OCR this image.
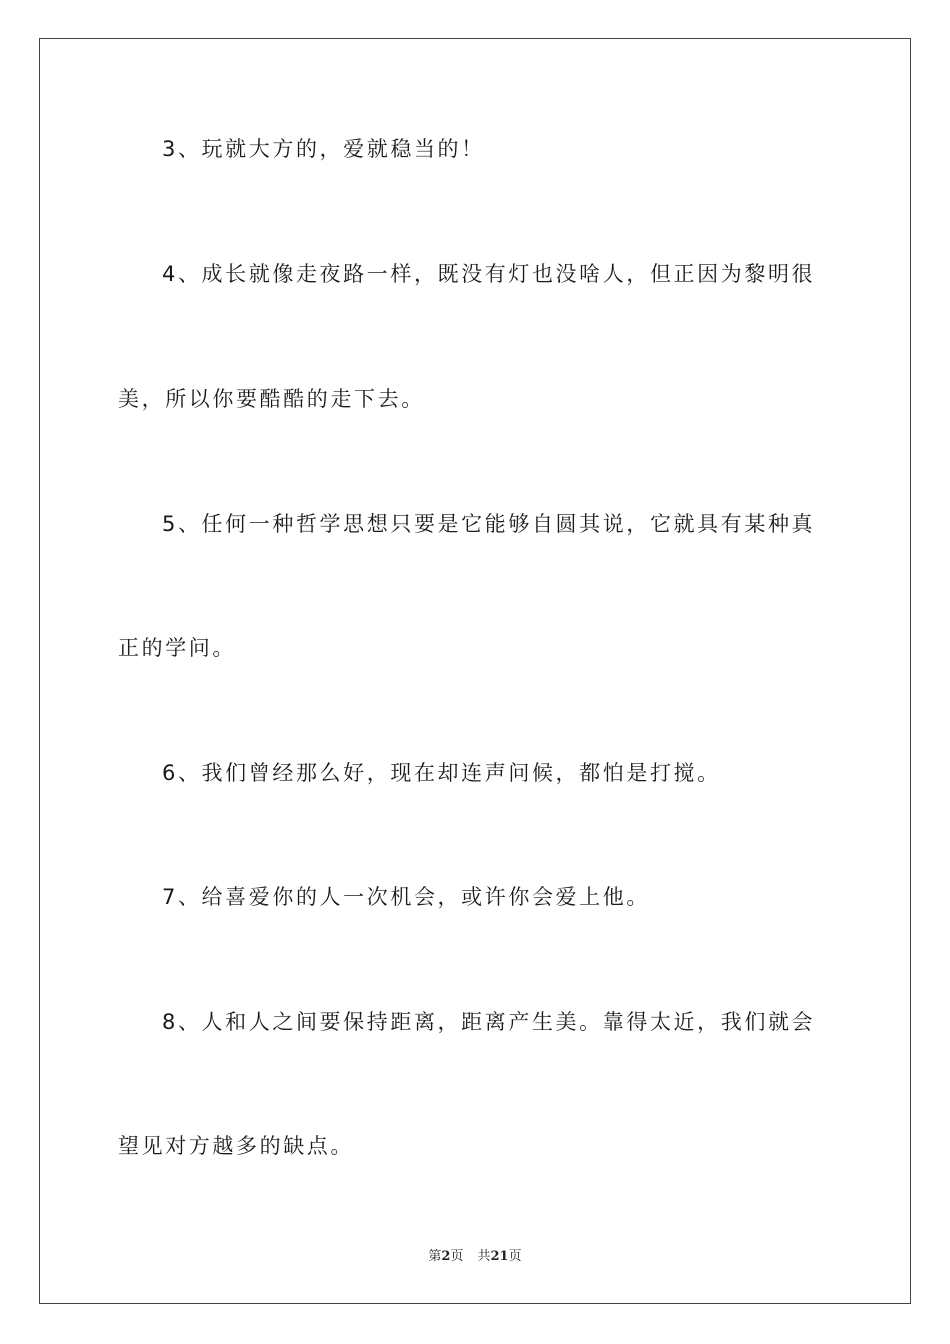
3、玩就大方的，爱就稳当的！

4、成长就像走夜路一样，既没有灯也没啥人，但正因为黎明很

美，所以你要酷酷的走下去。

5、任何一种哲学思想只要是它能够自圆其说，它就具有某种真

正的学问。

6、我们曾经那么好，现在却连声问候，都怕是打搅。

7、给喜爱你的人一次机会，或许你会爱上他。

8、人和人之间要保持距离，距离产生美。靠得太近，我们就会

望见对方越多的缺点。

第2页 共21页
